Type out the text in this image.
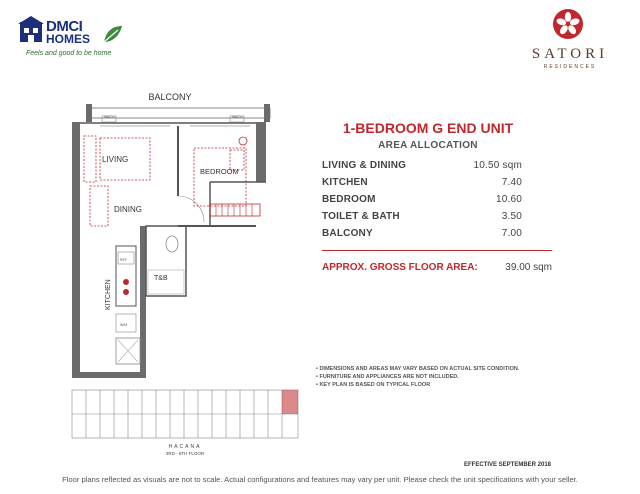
DMCI
HOMES
Feels and good to be home	SATORI
RESIDENCES
1-BEDROOM G END UNIT
AREA ALLOCATION
LIVING & DINING	10.50 sqm
KITCHEN	7.40
BEDROOM	10.60
TOILET & BATH	3.50
BALCONY	7.00
APPROX. GROSS FLOOR AREA:	39.00 sqm
• DIMENSIONS AND AREAS MAY VARY BASED ON ACTUAL SITE CONDITION.
• FURNITURE AND APPLIANCES ARE NOT INCLUDED.
• KEY PLAN IS BASED ON TYPICAL FLOOR
BALCONY
LIVING
BEDROOM
DINING
T&B
KITCHEN
WACU	WACU
REF
W/M
HACANA
3RD - 6TH FLOOR
EFFECTIVE SEPTEMBER 2018
Floor plans reflected as visuals are not to scale. Actual configurations and features may vary per unit. Please check the unit specifications with your seller.
